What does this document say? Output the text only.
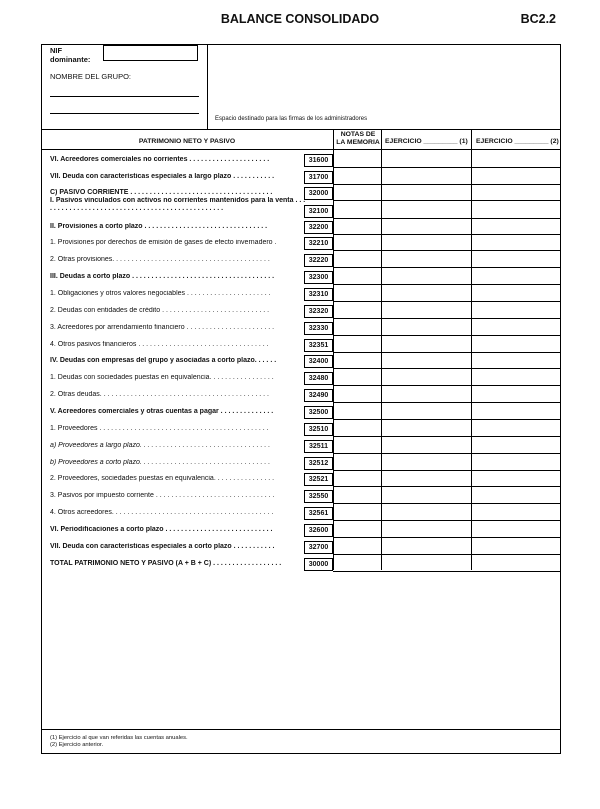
BALANCE CONSOLIDADO	BC2.2
NIF
dominante:
NOMBRE DEL GRUPO:
Espacio destinado para las firmas de los administradores
PATRIMONIO NETO Y PASIVO
NOTAS DE
LA MEMORIA EJERCICIO _________ (1) EJERCICIO _________ (2)
VI. Acreedores comerciales no corrientes . . . . . . . . . . . . . . . . . . . . .	31600
VII. Deuda con características especiales a largo plazo . . . . . . . . . . .	31700
C) PASIVO CORRIENTE . . . . . . . . . . . . . . . . . . . . . . . . . . . . . . . . . . . . .	32000
I. Pasivos vinculados con activos no corrientes mantenidos para la venta . . . . . . . . . . . . . . . . . . . . . . . . . . . . . . . . . . . . . . . . . . . . . . . .	32100
II. Provisiones a corto plazo . . . . . . . . . . . . . . . . . . . . . . . . . . . . . . . .	32200
1. Provisiones por derechos de emisión de gases de efecto invernadero .	32210
2. Otras provisiones. . . . . . . . . . . . . . . . . . . . . . . . . . . . . . . . . . . . . . . . .	32220
III. Deudas a corto plazo . . . . . . . . . . . . . . . . . . . . . . . . . . . . . . . . . . . . .	32300
1. Obligaciones y otros valores negociables . . . . . . . . . . . . . . . . . . . . . .	32310
2. Deudas con entidades de crédito . . . . . . . . . . . . . . . . . . . . . . . . . . . .	32320
3. Acreedores por arrendamiento financiero . . . . . . . . . . . . . . . . . . . . . . .	32330
4. Otros pasivos financieros . . . . . . . . . . . . . . . . . . . . . . . . . . . . . . . . . .	32351
IV. Deudas con empresas del grupo y asociadas a corto plazo. . . . . .	32400
1. Deudas con sociedades puestas en equivalencia. . . . . . . . . . . . . . . . .	32480
2. Otras deudas. . . . . . . . . . . . . . . . . . . . . . . . . . . . . . . . . . . . . . . . . . . .	32490
V. Acreedores comerciales y otras cuentas a pagar . . . . . . . . . . . . . .	32500
1. Proveedores . . . . . . . . . . . . . . . . . . . . . . . . . . . . . . . . . . . . . . . . . . . .	32510
a) Proveedores a largo plazo. . . . . . . . . . . . . . . . . . . . . . . . . . . . . . . . . .	32511
b) Proveedores a corto plazo. . . . . . . . . . . . . . . . . . . . . . . . . . . . . . . . . .	32512
2. Proveedores, sociedades puestas en equivalencia. . . . . . . . . . . . . . . .	32521
3. Pasivos por impuesto corriente . . . . . . . . . . . . . . . . . . . . . . . . . . . . . . .	32550
4. Otros acreedores. . . . . . . . . . . . . . . . . . . . . . . . . . . . . . . . . . . . . . . . . .	32561
VI. Periodificaciones a corto plazo . . . . . . . . . . . . . . . . . . . . . . . . . . . .	32600
VII. Deuda con características especiales a corto plazo . . . . . . . . . . .	32700
TOTAL PATRIMONIO NETO Y PASIVO (A + B + C) . . . . . . . . . . . . . . . . . .	30000
(1) Ejercicio al que van referidas las cuentas anuales.
(2) Ejercicio anterior.
